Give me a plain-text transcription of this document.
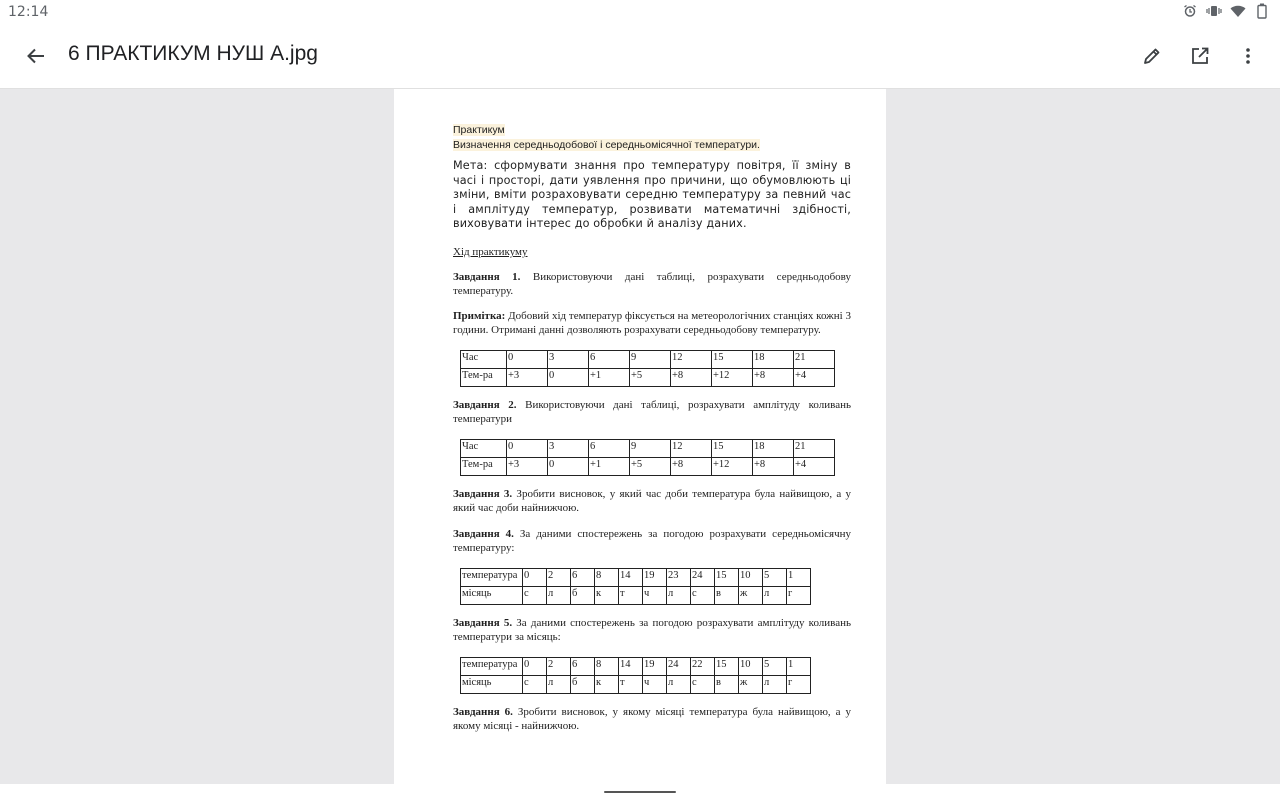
12:14
6 ПРАКТИКУМ НУШ А.jpg
Практикум
Визначення середньодобової і середньомісячної температури.

Мета: сформувати знання про температуру повітря, її зміну в часі і просторі, дати уявлення про причини, що обумовлюють ці зміни, вміти розраховувати середню температуру за певний час і амплітуду температур, розвивати математичні здібності, виховувати інтерес до обробки й аналізу даних.

Хід практикуму

Завдання 1. Використовуючи дані таблиці, розрахувати середньодобову температуру.

Примітка: Добовий хід температур фіксується на метеорологічних станціях кожні 3 години. Отримані данні дозволяють розрахувати середньодобову температуру.

Час	0	3	6	9	12	15	18	21
Тем-ра	+3	0	+1	+5	+8	+12	+8	+4

Завдання 2. Використовуючи дані таблиці, розрахувати амплітуду коливань температури

Час	0	3	6	9	12	15	18	21
Тем-ра	+3	0	+1	+5	+8	+12	+8	+4

Завдання 3. Зробити висновок, у який час доби температура була найвищою, а у який час доби найнижчою.

Завдання 4. За даними спостережень за погодою розрахувати середньомісячну температуру:

температура	0	2	6	8	14	19	23	24	15	10	5	1
місяць	с	л	б	к	т	ч	л	с	в	ж	л	г

Завдання 5. За даними спостережень за погодою розрахувати амплітуду коливань температури за місяць:

температура	0	2	6	8	14	19	24	22	15	10	5	1
місяць	с	л	б	к	т	ч	л	с	в	ж	л	г

Завдання 6. Зробити висновок, у якому місяці температура була найвищою, а у якому місяці - найнижчою.
